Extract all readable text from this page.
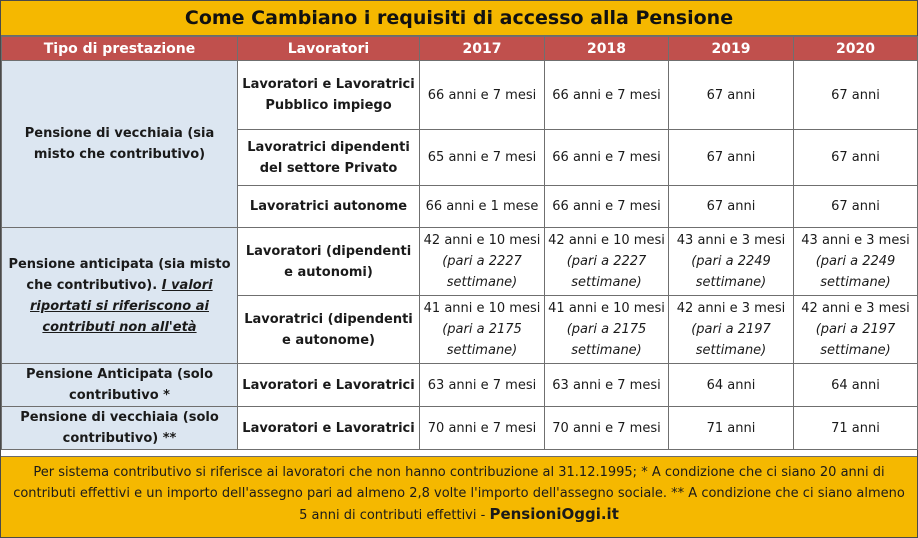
Come Cambiano i requisiti di accesso alla Pensione
Tipo di prestazione	Lavoratori	2017	2018	2019	2020
Pensione di vecchiaia (sia misto che contributivo)	Lavoratori e Lavoratrici Pubblico impiego	66 anni e 7 mesi	66 anni e 7 mesi	67 anni	67 anni
	Lavoratrici dipendenti del settore Privato	65 anni e 7 mesi	66 anni e 7 mesi	67 anni	67 anni
	Lavoratrici autonome	66 anni e 1 mese	66 anni e 7 mesi	67 anni	67 anni
Pensione anticipata (sia misto che contributivo). I valori riportati si riferiscono ai contributi non all'età	Lavoratori (dipendenti e autonomi)	42 anni e 10 mesi (pari a 2227 settimane)	42 anni e 10 mesi (pari a 2227 settimane)	43 anni e 3 mesi (pari a 2249 settimane)	43 anni e 3 mesi (pari a 2249 settimane)
	Lavoratrici (dipendenti e autonome)	41 anni e 10 mesi (pari a 2175 settimane)	41 anni e 10 mesi (pari a 2175 settimane)	42 anni e 3 mesi (pari a 2197 settimane)	42 anni e 3 mesi (pari a 2197 settimane)
Pensione Anticipata (solo contributivo *	Lavoratori e Lavoratrici	63 anni e 7 mesi	63 anni e 7 mesi	64 anni	64 anni
Pensione di vecchiaia (solo contributivo) **	Lavoratori e Lavoratrici	70 anni e 7 mesi	70 anni e 7 mesi	71 anni	71 anni
Per sistema contributivo si riferisce ai lavoratori che non hanno contribuzione al 31.12.1995; * A condizione che ci siano 20 anni di contributi effettivi e un importo dell'assegno pari ad almeno 2,8 volte l'importo dell'assegno sociale. ** A condizione che ci siano almeno 5 anni di contributi effettivi - PensioniOggi.it
